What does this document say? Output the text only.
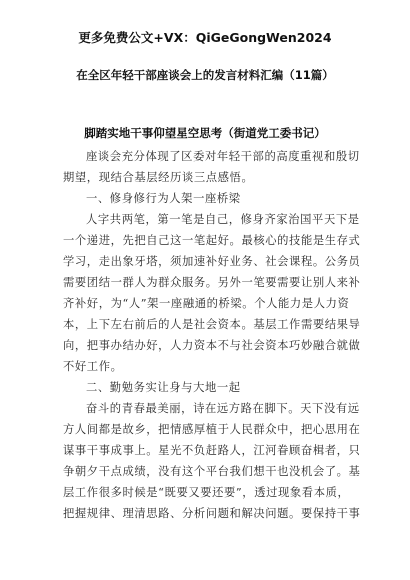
更多免费公文+VX：QiGeGongWen2024
在全区年轻干部座谈会上的发言材料汇编（11篇）
脚踏实地干事仰望星空思考（街道党工委书记）
座谈会充分体现了区委对年轻干部的高度重视和殷切
期望，现结合基层经历谈三点感悟。
一、修身修行为人架一座桥梁
人字共两笔，第一笔是自己，修身齐家治国平天下是
一个递进，先把自己这一笔起好。最核心的技能是生存式
学习，走出象牙塔，须加速补好业务、社会课程。公务员
需要团结一群人为群众服务。另外一笔要需要让别人来补
齐补好，为“人”架一座融通的桥梁。个人能力是人力资
本，上下左右前后的人是社会资本。基层工作需要结果导
向，把事办结办好，人力资本不与社会资本巧妙融合就做
不好工作。
二、勤勉务实让身与大地一起
奋斗的青春最美丽，诗在远方路在脚下。天下没有远
方人间都是故乡，把情感厚植于人民群众中，把心思用在
谋事干事成事上。星光不负赶路人，江河眷顾奋楫者，只
争朝夕干点成绩，没有这个平台我们想干也没机会了。基
层工作很多时候是“既要又要还要”，透过现象看本质，
把握规律、理清思路、分析问题和解决问题。要保持干事
